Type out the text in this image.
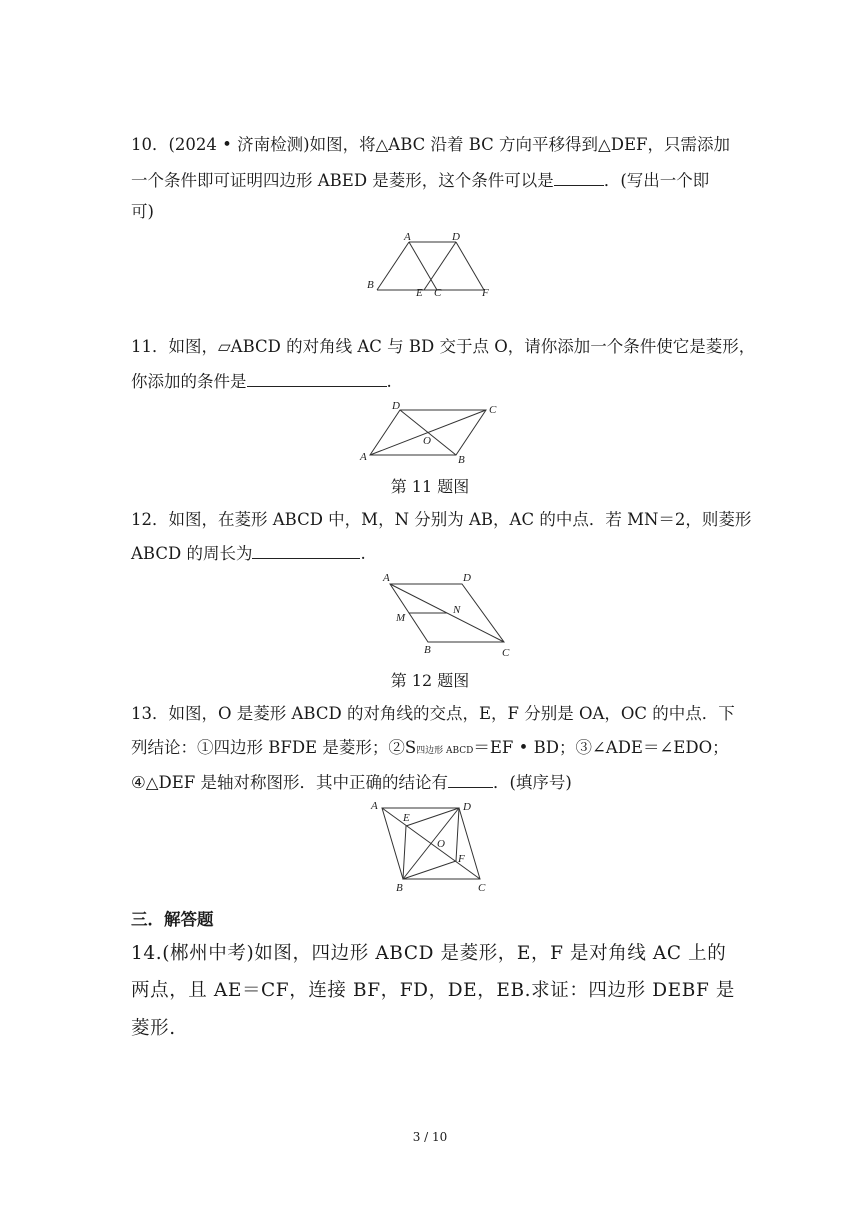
10．(2024 • 济南检测)如图，将△ABC 沿着 BC 方向平移得到△DEF，只需添加
一个条件即可证明四边形 ABED 是菱形，这个条件可以是	．(写出一个即
可)
A	D
B
E C	F
11．如图，▱ABCD 的对角线 AC 与 BD 交于点 O，请你添加一个条件使它是菱形，
你添加的条件是	.
D	C
O
A	B
第 11 题图
12．如图，在菱形 ABCD 中，M，N 分别为 AB，AC 的中点．若 MN＝2，则菱形
ABCD 的周长为	.
A	D
N
M
B	C
第 12 题图
13．如图，O 是菱形 ABCD 的对角线的交点，E，F 分别是 OA，OC 的中点．下
列结论：①四边形 BFDE 是菱形；②S四边形 ABCD＝EF • BD；③∠ADE＝∠EDO；
④△DEF 是轴对称图形．其中正确的结论有	．(填序号)
A	D
E
O
F
B	C
三．解答题
14.(郴州中考)如图，四边形 ABCD 是菱形，E，F 是对角线 AC 上的
两点，且 AE＝CF，连接 BF，FD，DE，EB.求证：四边形 DEBF 是
菱形.
3 / 10
